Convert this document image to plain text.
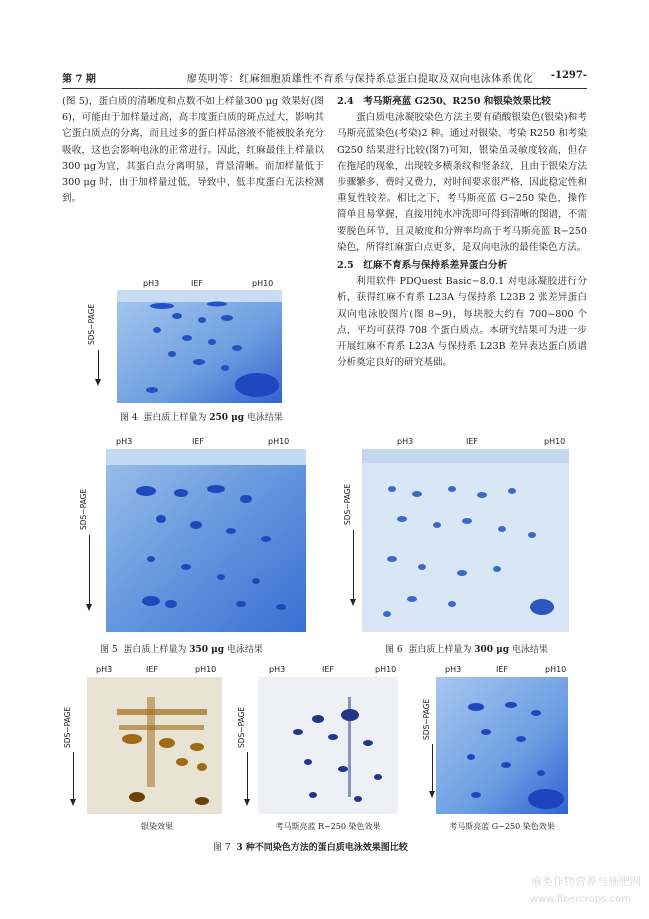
第 7 期	廖英明等：红麻细胞质雄性不育系与保持系总蛋白提取及双向电泳体系优化	-1297-

(图 5)，蛋白质的清晰度和点数不如上样量300 μg 效果好(图 6)，可能由于加样量过高，高丰度蛋白质的斑点过大，影响其它蛋白质点的分离，而且过多的蛋白样品溶液不能被胶条充分吸收，这也会影响电泳的正常进行。因此，红麻最佳上样量以300 μg为宜，其蛋白点分离明显，背景清晰。而加样量低于 300 μg 时，由于加样量过低，导致中、低丰度蛋白无法检测到。

2.4　考马斯亮蓝 G250、R250 和银染效果比较

蛋白质电泳凝胶染色方法主要有硝酸银染色(银染)和考马斯亮蓝染色(考染)2 种。通过对银染、考染 R250 和考染 G250 结果进行比较(图7)可知，银染虽灵敏度较高，但存在拖尾的现象，出现较多横条纹和竖条纹，且由于银染方法步骤繁多、费时又费力，对时间要求很严格，因此稳定性和重复性较差。相比之下，考马斯亮蓝 G−250 染色，操作简单且易掌握，直接用纯水冲洗即可得到清晰的图谱，不需要脱色环节，且灵敏度和分辨率均高于考马斯亮蓝 R−250 染色，所得红麻蛋白点更多，是双向电泳的最佳染色方法。

2.5　红麻不育系与保持系差异蛋白分析

利用软件 PDQuest Basic−8.0.1 对电泳凝胶进行分析，获得红麻不育系 L23A 与保持系 L23B 2 张差异蛋白双向电泳胶图片(图 8~9)，每块胶大约有 700~800 个点，平均可获得 708 个蛋白质点。本研究结果可为进一步开展红麻不育系 L23A 与保持系 L23B 差异表达蛋白质谱分析奠定良好的研究基础。

pH3	IEF	pH10
SDS−PAGE
图 4 蛋白质上样量为 250 μg 电泳结果
pH3	IEF	pH10
SDS−PAGE
图 5 蛋白质上样量为 350 μg 电泳结果
pH3	IEF	pH10
SDS−PAGE
图 6 蛋白质上样量为 300 μg 电泳结果
pH3	IEF	pH10
SDS−PAGE
银染效果
pH3	IEF	pH10
SDS−PAGE
考马斯亮蓝 R−250 染色效果
pH3	IEF	pH10
SDS−PAGE
考马斯亮蓝 G−250 染色效果
图 7 3 种不同染色方法的蛋白质电泳效果图比较
麻类作物营养与施肥网
www.fibercrops.com
